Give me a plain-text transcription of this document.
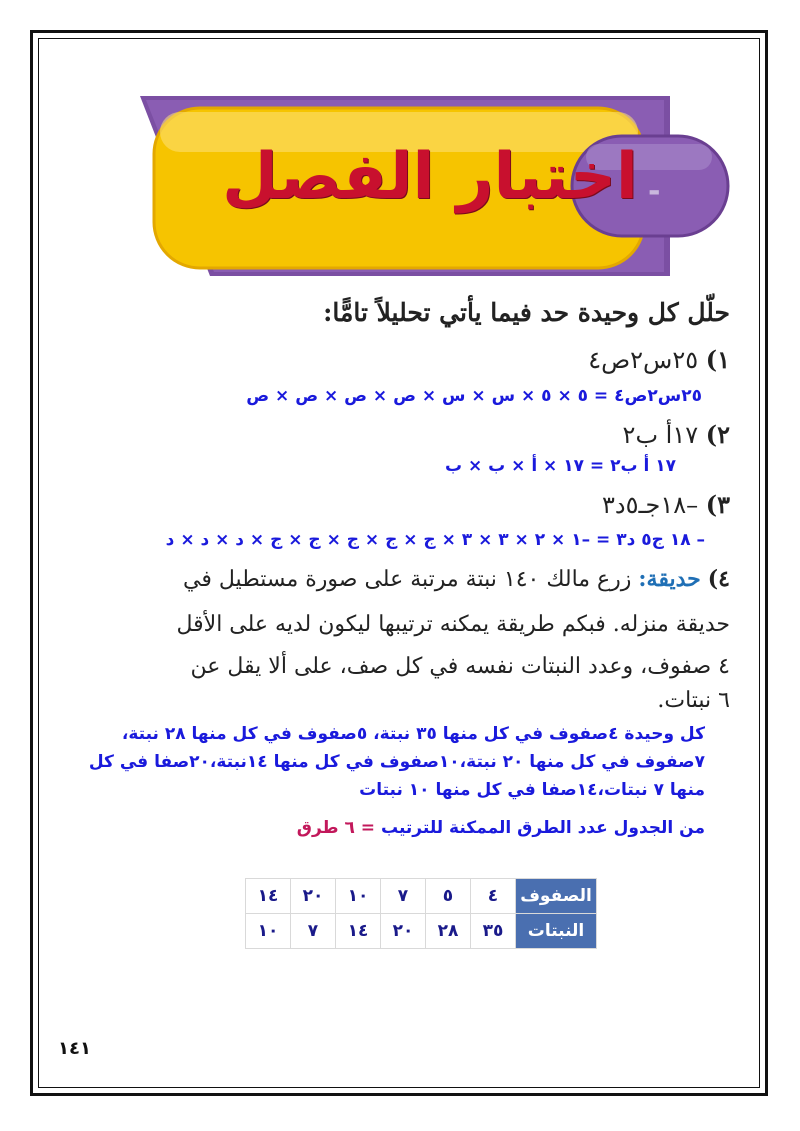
اختبار الفصل -
حلّل كل وحيدة حد فيما يأتي تحليلاً تامًّا:
١) ٢٥س٢ص٤
٢٥س٢ص٤ = ٥ × ٥ × س × س × ص × ص × ص × ص
٢) ١٧أ ب٢
١٧ أ ب٢ = ١٧ × أ × ب × ب
٣) –١٨جـ٥د٣
– ١٨ ج٥ د٣ = –١ × ٢ × ٣ × ٣ × ج × ج × ج × ج × ج × د × د × د
٤) حديقة: زرع مالك ١٤٠ نبتة مرتبة على صورة مستطيل في
حديقة منزله. فبكم طريقة يمكنه ترتيبها ليكون لديه على الأقل
٤ صفوف، وعدد النبتات نفسه في كل صف، على ألا يقل عن
٦ نبتات.
كل وحيدة ٤صفوف في كل منها ٣٥ نبتة، ٥صفوف في كل منها ٢٨ نبتة،
٧صفوف في كل منها ٢٠ نبتة،١٠صفوف في كل منها ١٤نبتة،٢٠صفا في كل
منها ٧ نبتات،١٤صفا في كل منها ١٠ نبتات
من الجدول عدد الطرق الممكنة للترتيب = ٦ طرق
الصفوف	٤	٥	٧	١٠	٢٠	١٤
النبتات	٣٥	٢٨	٢٠	١٤	٧	١٠
١٤١
